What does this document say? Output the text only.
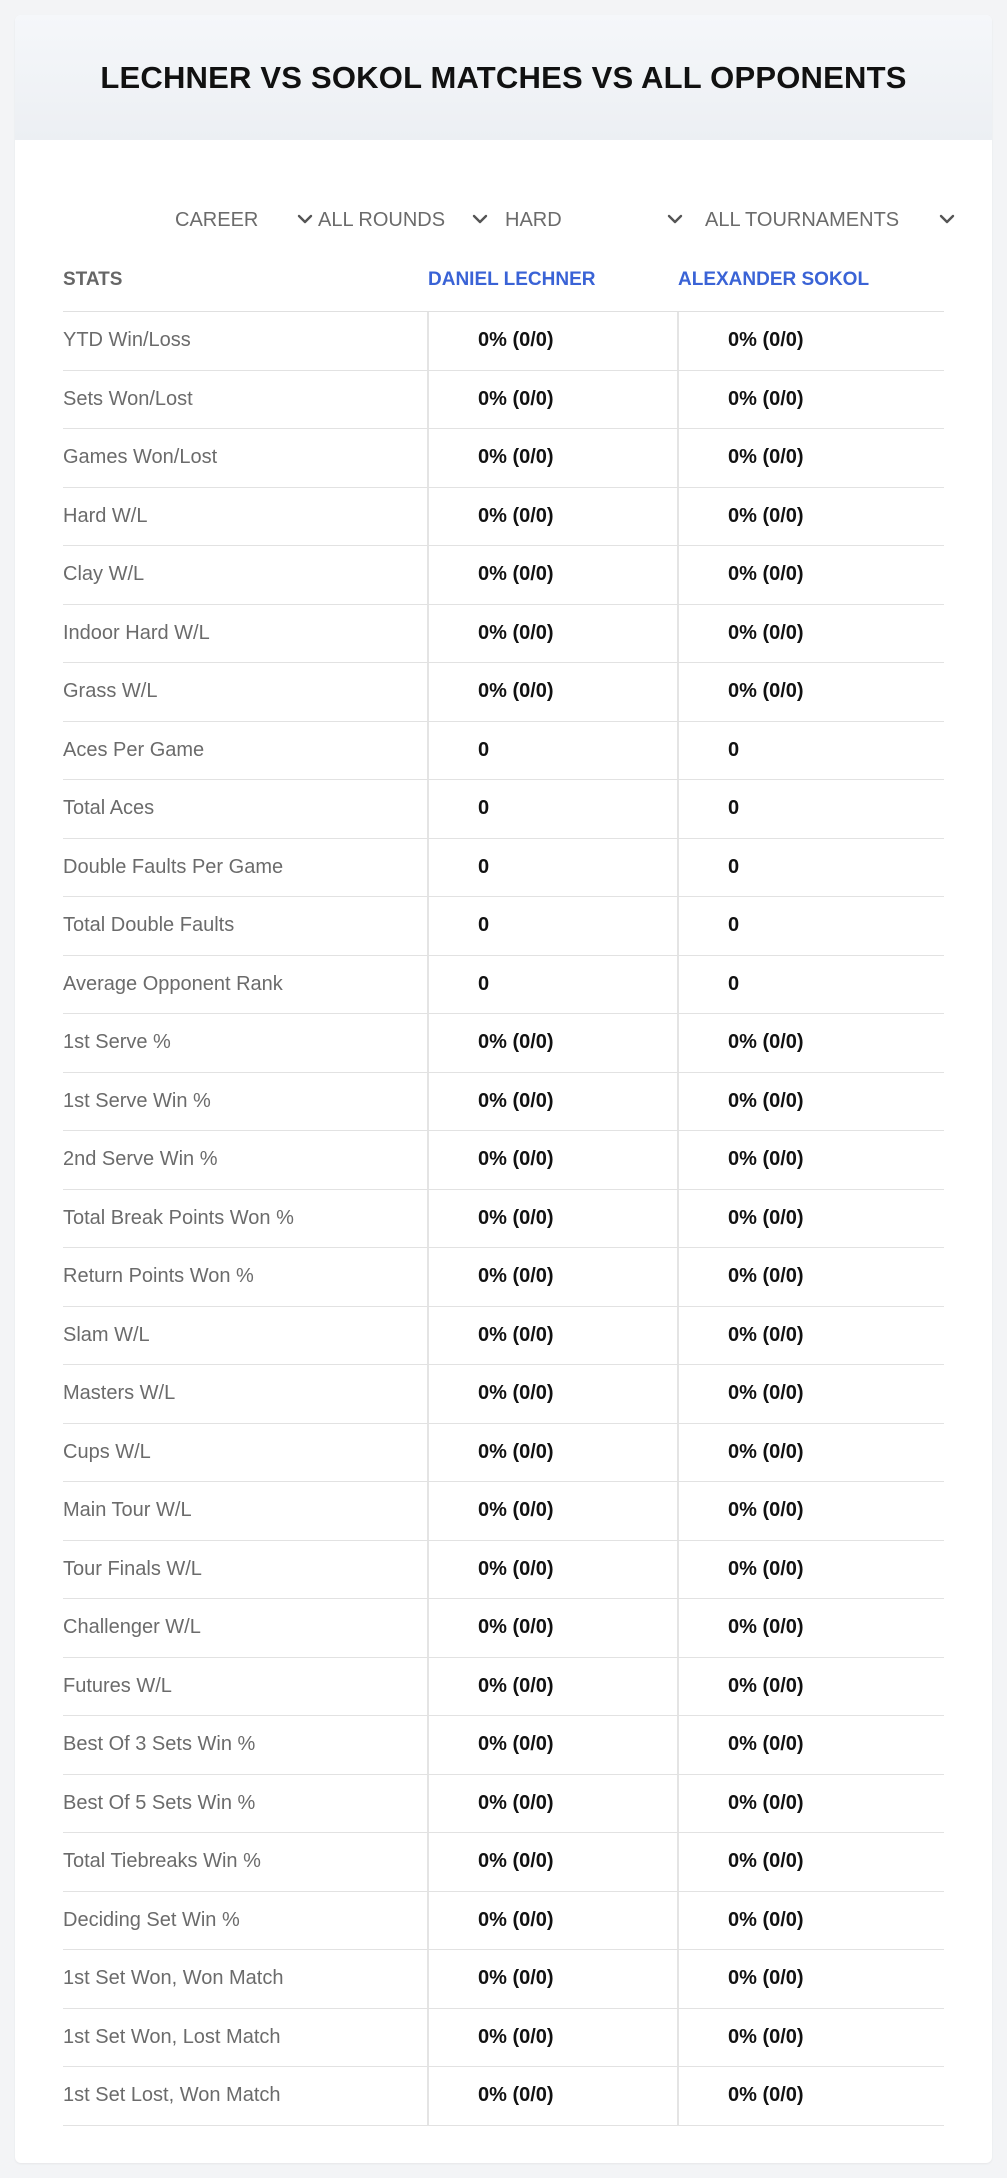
LECHNER VS SOKOL MATCHES VS ALL OPPONENTS
CAREER	ALL ROUNDS	HARD	ALL TOURNAMENTS
STATS	DANIEL LECHNER	ALEXANDER SOKOL
YTD Win/Loss	0% (0/0)	0% (0/0)
Sets Won/Lost	0% (0/0)	0% (0/0)
Games Won/Lost	0% (0/0)	0% (0/0)
Hard W/L	0% (0/0)	0% (0/0)
Clay W/L	0% (0/0)	0% (0/0)
Indoor Hard W/L	0% (0/0)	0% (0/0)
Grass W/L	0% (0/0)	0% (0/0)
Aces Per Game	0	0
Total Aces	0	0
Double Faults Per Game	0	0
Total Double Faults	0	0
Average Opponent Rank	0	0
1st Serve %	0% (0/0)	0% (0/0)
1st Serve Win %	0% (0/0)	0% (0/0)
2nd Serve Win %	0% (0/0)	0% (0/0)
Total Break Points Won %	0% (0/0)	0% (0/0)
Return Points Won %	0% (0/0)	0% (0/0)
Slam W/L	0% (0/0)	0% (0/0)
Masters W/L	0% (0/0)	0% (0/0)
Cups W/L	0% (0/0)	0% (0/0)
Main Tour W/L	0% (0/0)	0% (0/0)
Tour Finals W/L	0% (0/0)	0% (0/0)
Challenger W/L	0% (0/0)	0% (0/0)
Futures W/L	0% (0/0)	0% (0/0)
Best Of 3 Sets Win %	0% (0/0)	0% (0/0)
Best Of 5 Sets Win %	0% (0/0)	0% (0/0)
Total Tiebreaks Win %	0% (0/0)	0% (0/0)
Deciding Set Win %	0% (0/0)	0% (0/0)
1st Set Won, Won Match	0% (0/0)	0% (0/0)
1st Set Won, Lost Match	0% (0/0)	0% (0/0)
1st Set Lost, Won Match	0% (0/0)	0% (0/0)
